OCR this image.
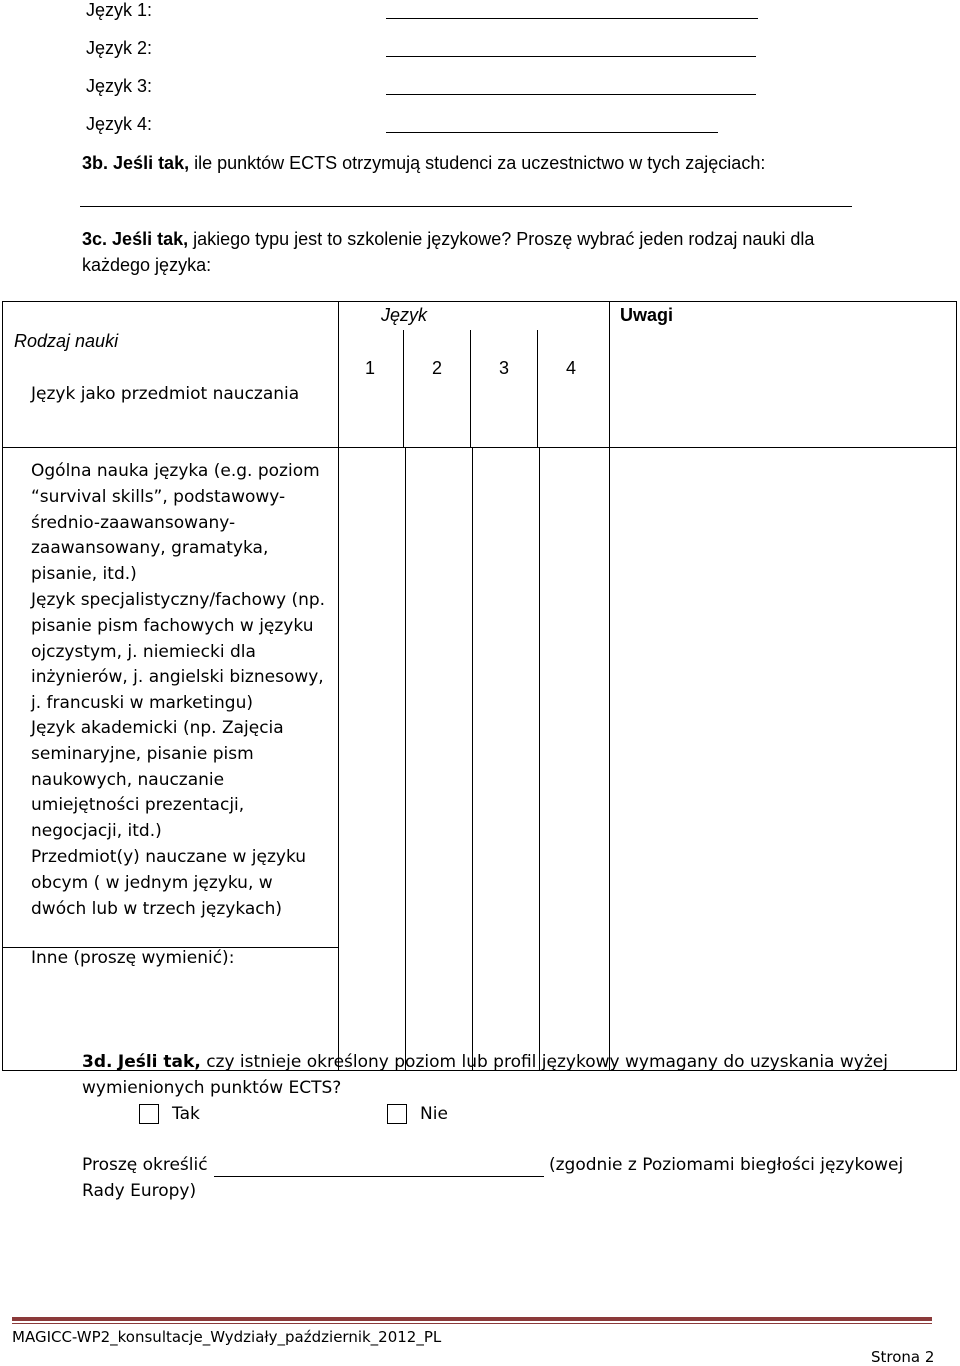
Język 1:
Język 2:
Język 3:
Język 4:
3b. Jeśli tak, ile punktów ECTS otrzymują studenci za uczestnictwo w tych zajęciach:
3c. Jeśli tak, jakiego typu jest to szkolenie językowe? Proszę wybrać jeden rodzaj nauki dla
każdego języka:

Rodzaj nauki
Język	Uwagi
1	2	3	4
Język jako przedmiot nauczania
Ogólna nauka języka (e.g. poziom “survival skills”, podstawowy-średnio-zaawansowany-zaawansowany, gramatyka, pisanie, itd.)
Język specjalistyczny/fachowy (np. pisanie pism fachowych w języku ojczystym, j. niemiecki dla inżynierów, j. angielski biznesowy, j. francuski w marketingu)
Język akademicki (np. Zajęcia seminaryjne, pisanie pism naukowych, nauczanie umiejętności prezentacji, negocjacji, itd.)
Przedmiot(y) nauczane w języku obcym ( w jednym języku, w dwóch lub w trzech językach)
Inne (proszę wymienić):
3d. Jeśli tak, czy istnieje określony poziom lub profil językowy wymagany do uzyskania wyżej
wymienionych punktów ECTS?
Tak	Nie
Proszę określić	(zgodnie z Poziomami biegłości językowej
Rady Europy)
MAGICC-WP2_konsultacje_Wydziały_październik_2012_PL
Strona 2
